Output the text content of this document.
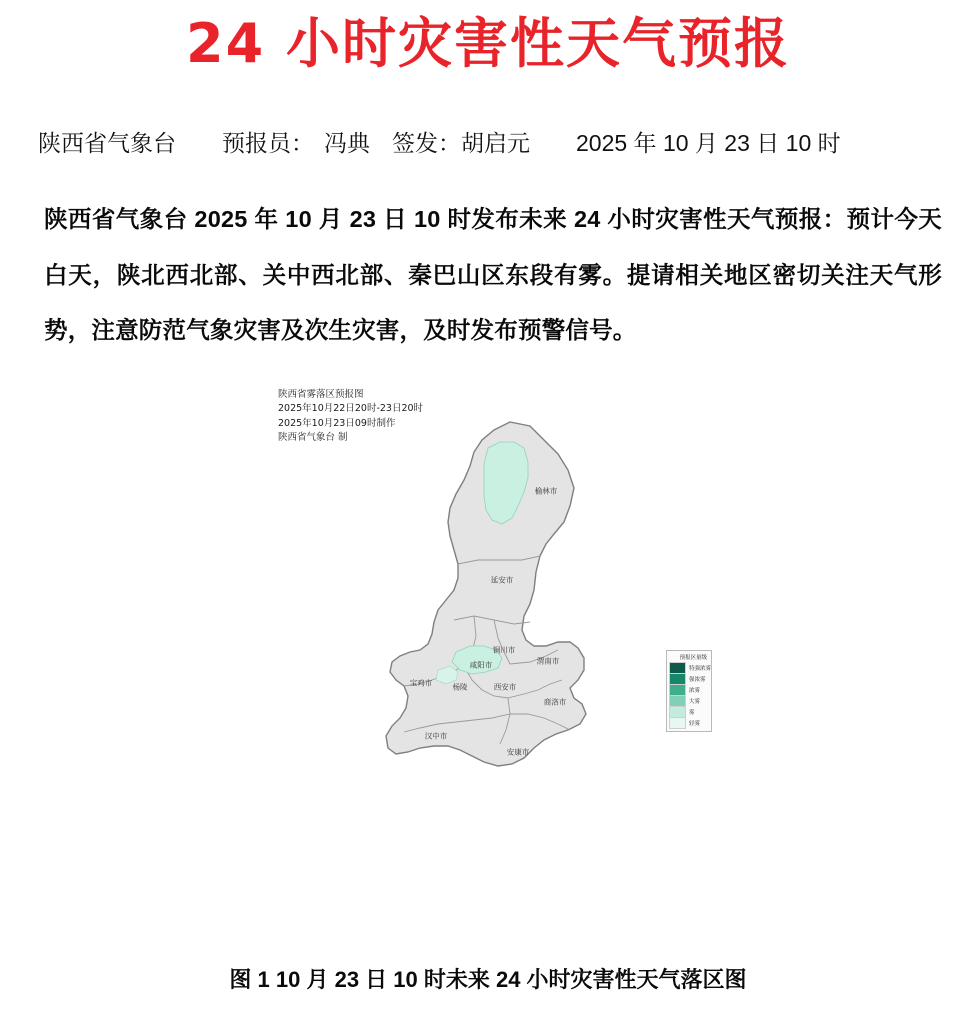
24 小时灾害性天气预报
陕西省气象台 预报员： 冯典 签发： 胡启元 2025 年 10 月 23 日 10 时
陕西省气象台 2025 年 10 月 23 日 10 时发布未来 24 小时灾害性天气预报：预计今天白天，陕北西北部、关中西北部、秦巴山区东段有雾。提请相关地区密切关注天气形势，注意防范气象灾害及次生灾害，及时发布预警信号。
陕西省雾落区预报图
2025年10月22日20时-23日20时
2025年10月23日09时制作
陕西省气象台 制
榆林市
延安市
铜川市
咸阳市	渭南市
宝鸡市	杨陵	西安市
商洛市
汉中市
安康市
预报区量级
特强浓雾
强浓雾
浓雾
大雾
雾
轻雾
图 1 10 月 23 日 10 时未来 24 小时灾害性天气落区图
